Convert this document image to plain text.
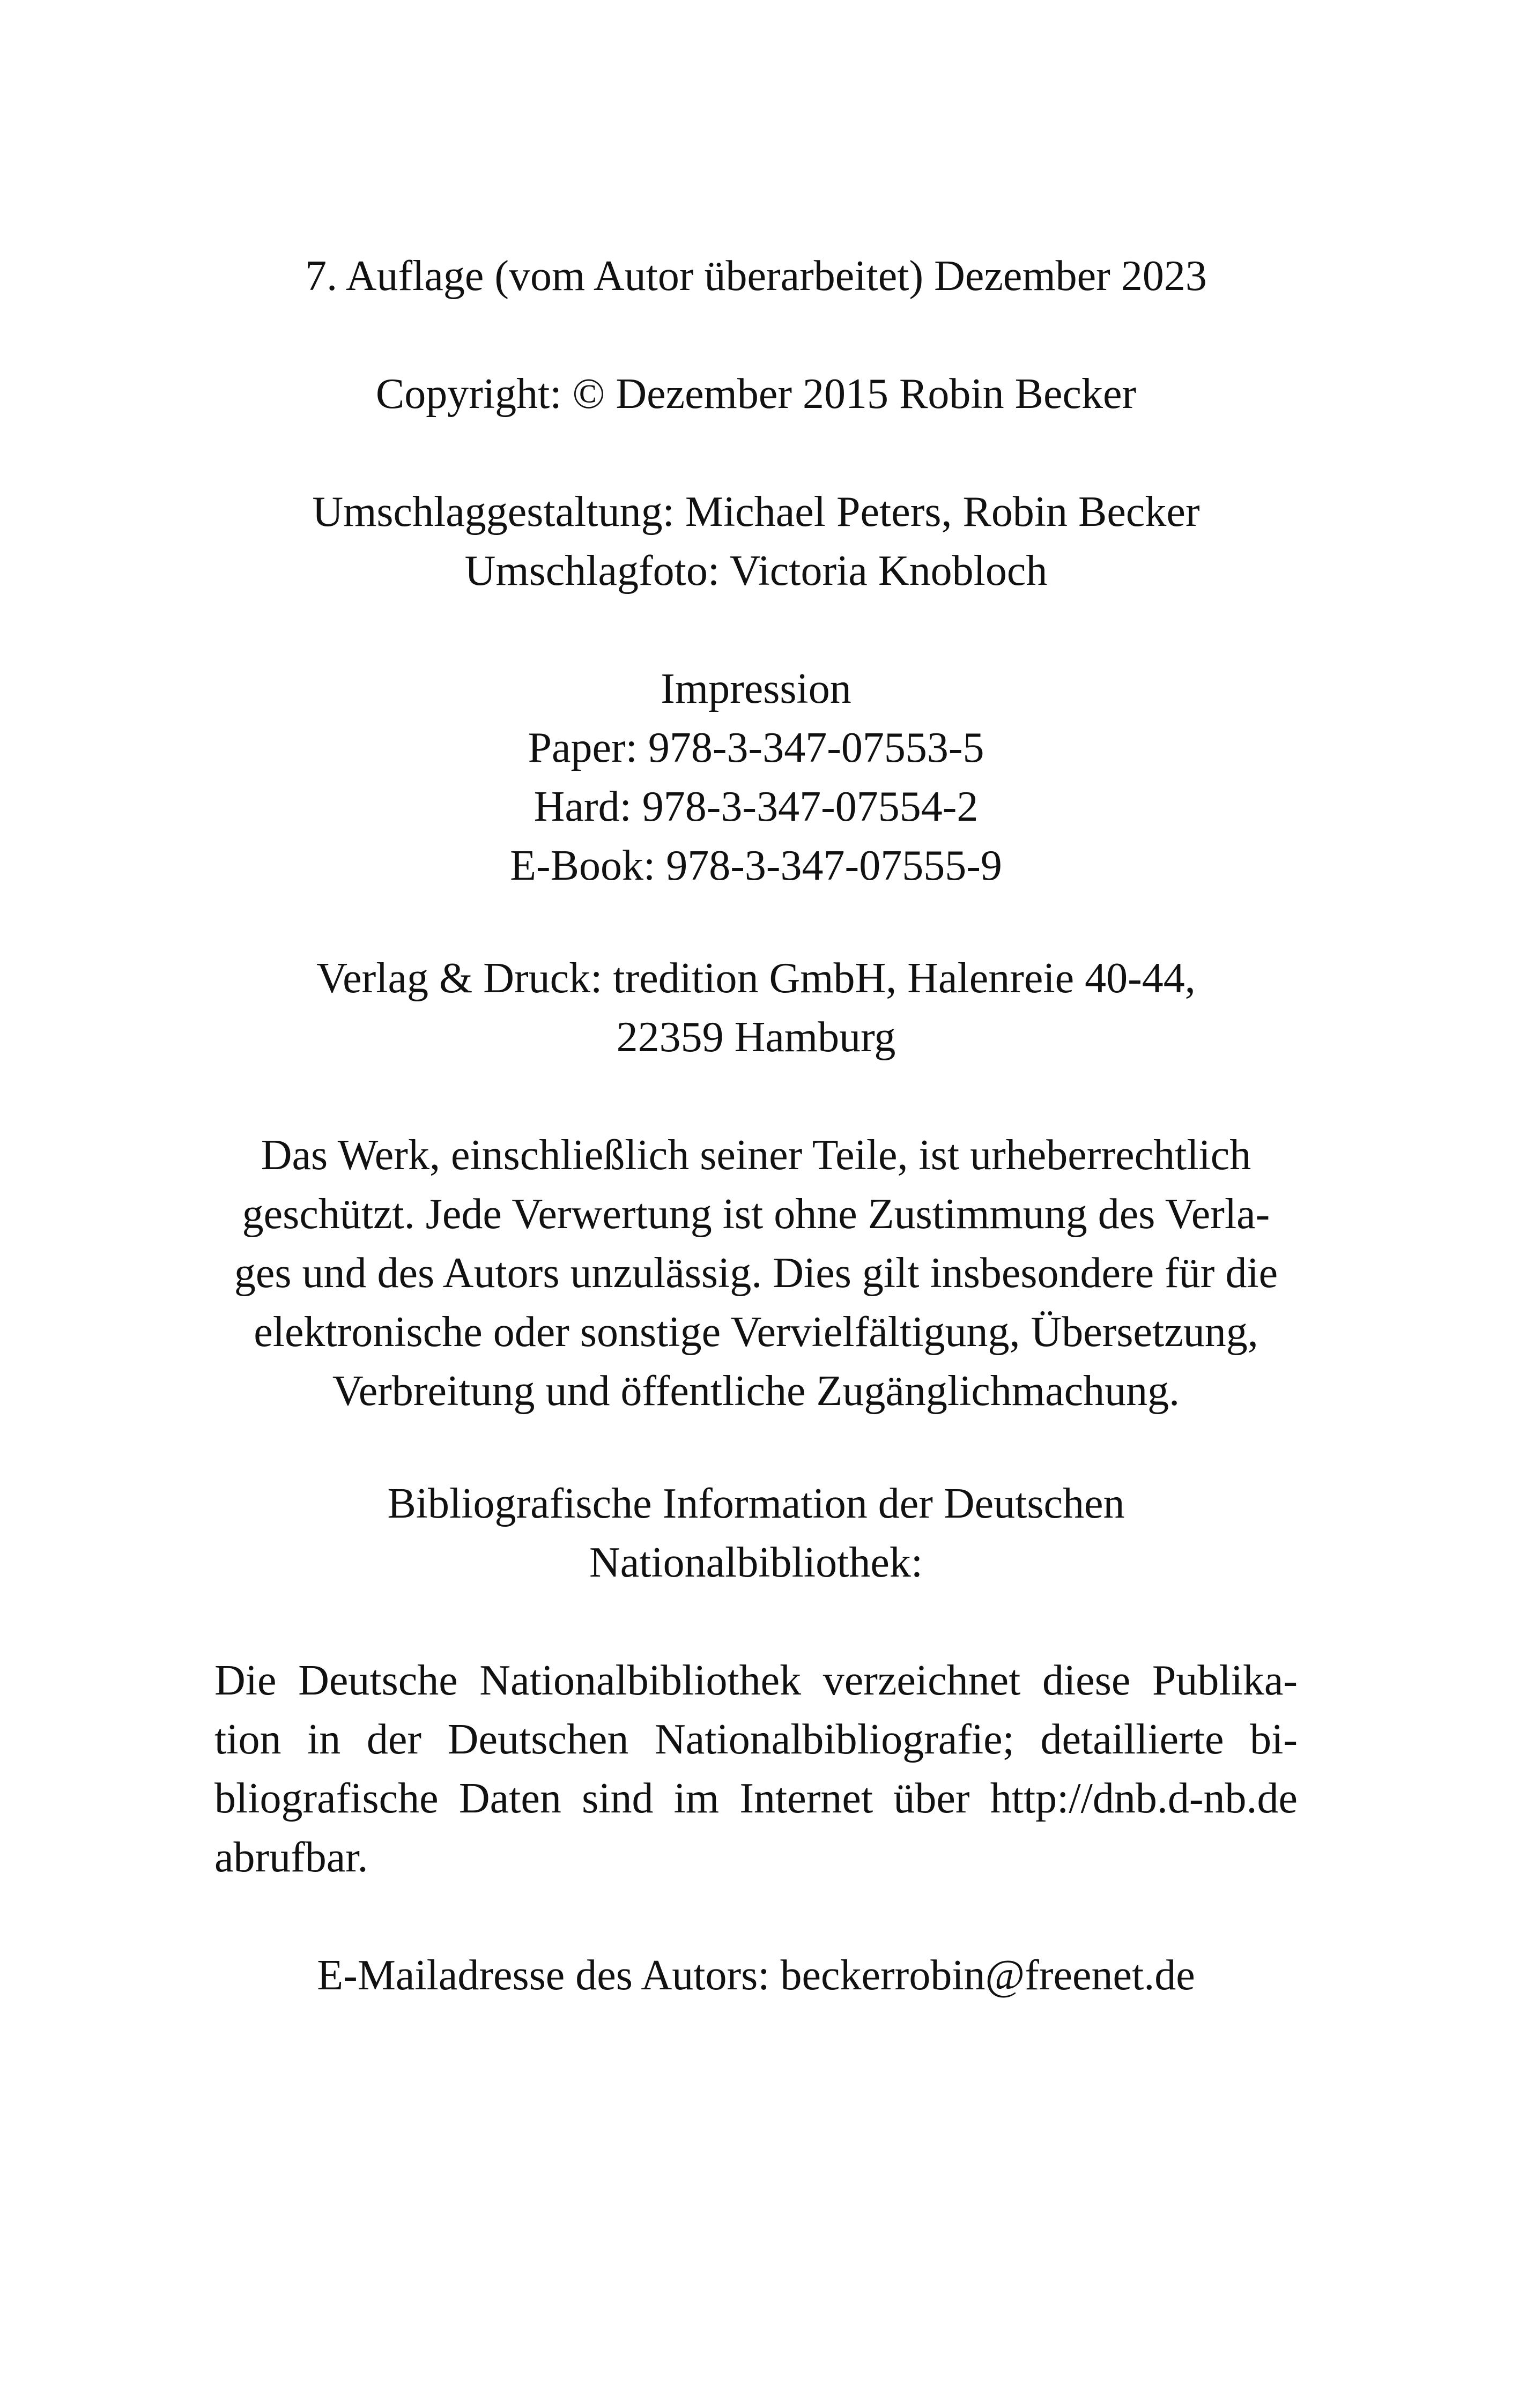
7. Auflage (vom Autor überarbeitet) Dezember 2023

Copyright: © Dezember 2015 Robin Becker

Umschlaggestaltung: Michael Peters, Robin Becker
Umschlagfoto: Victoria Knobloch

Impression
Paper: 978-3-347-07553-5
Hard: 978-3-347-07554-2
E-Book: 978-3-347-07555-9

Verlag & Druck: tredition GmbH, Halenreie 40-44,
22359 Hamburg

Das Werk, einschließlich seiner Teile, ist urheberrechtlich
geschützt. Jede Verwertung ist ohne Zustimmung des Verla-
ges und des Autors unzulässig. Dies gilt insbesondere für die
elektronische oder sonstige Vervielfältigung, Übersetzung,
Verbreitung und öffentliche Zugänglichmachung.

Bibliografische Information der Deutschen
Nationalbibliothek:

Die Deutsche Nationalbibliothek verzeichnet diese Publika-
tion in der Deutschen Nationalbibliografie; detaillierte bi-
bliografische Daten sind im Internet über http://dnb.d-nb.de
abrufbar.

E-Mailadresse des Autors: beckerrobin@freenet.de
